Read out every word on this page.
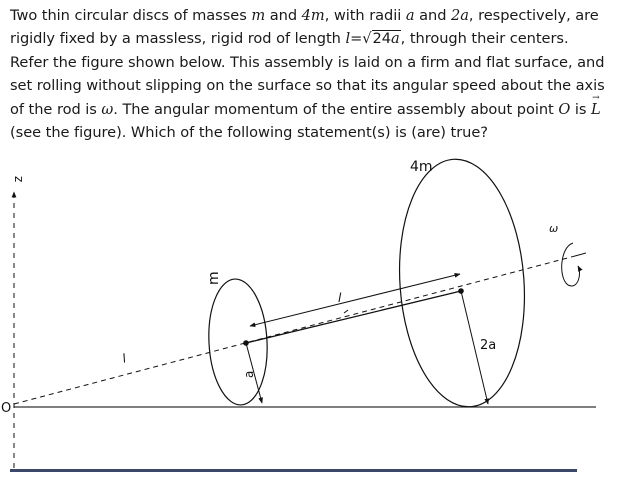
Two thin circular discs of masses m and 4m, with radii a and 2a, respectively, are rigidly fixed by a massless, rigid rod of length l=√24a, through their centers. Refer the figure shown below. This assembly is laid on a firm and flat surface, and set rolling without slipping on the surface so that its angular speed about the axis of the rod is ω. The angular momentum of the entire assembly about point O is → L (see the figure). Which of the following statement(s) is (are) true?
z
O
m
a
l
l
4m
2a
ω
